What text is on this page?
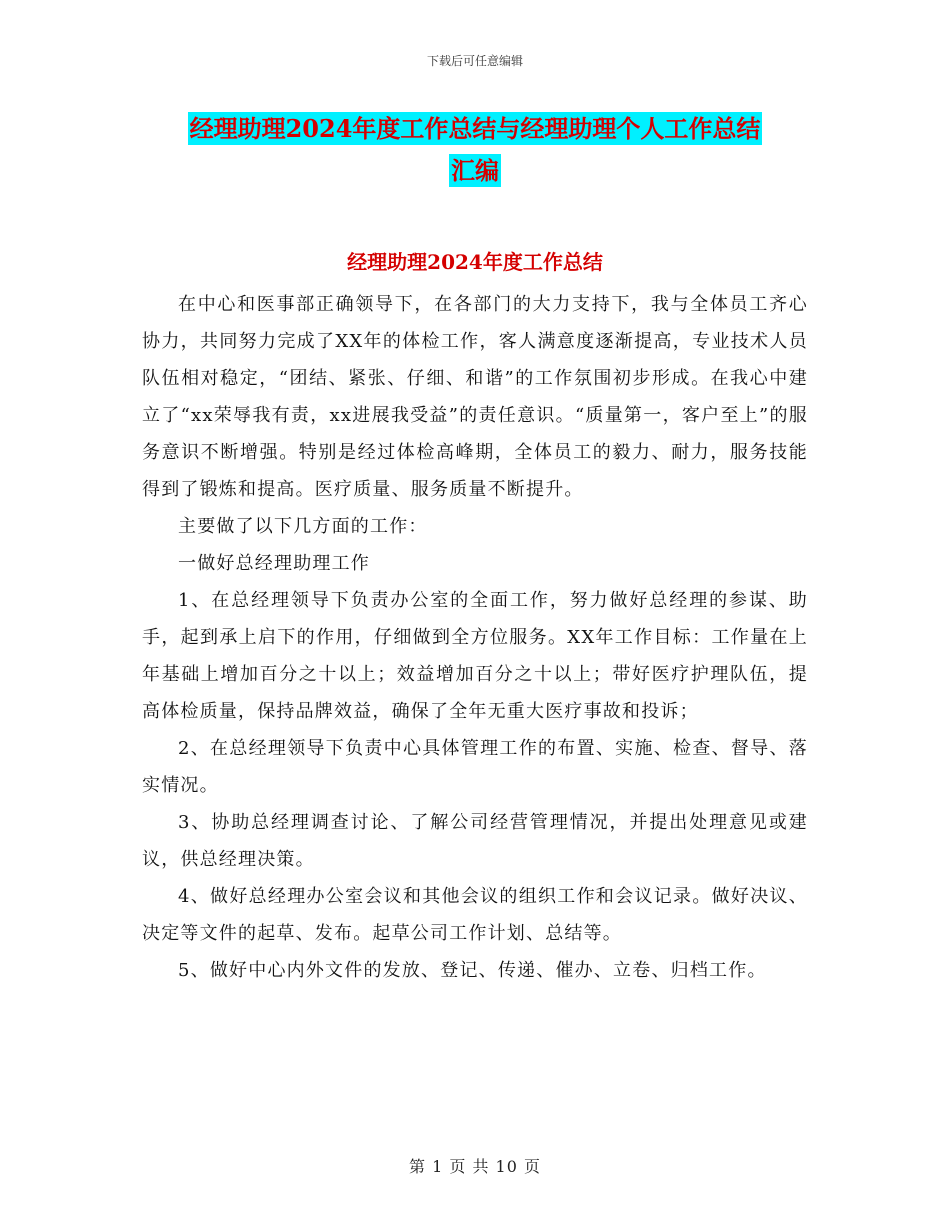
下载后可任意编辑
经理助理2024年度工作总结与经理助理个人工作总结
汇编
经理助理2024年度工作总结

在中心和医事部正确领导下，在各部门的大力支持下，我与全体员工齐心协力，共同努力完成了XX年的体检工作，客人满意度逐渐提高，专业技术人员队伍相对稳定，“团结、紧张、仔细、和谐”的工作氛围初步形成。在我心中建立了“xx荣辱我有责，xx进展我受益”的责任意识。“质量第一，客户至上”的服务意识不断增强。特别是经过体检高峰期，全体员工的毅力、耐力，服务技能得到了锻炼和提高。医疗质量、服务质量不断提升。

主要做了以下几方面的工作：

一做好总经理助理工作

1、在总经理领导下负责办公室的全面工作，努力做好总经理的参谋、助手，起到承上启下的作用，仔细做到全方位服务。XX年工作目标：工作量在上年基础上增加百分之十以上；效益增加百分之十以上；带好医疗护理队伍，提高体检质量，保持品牌效益，确保了全年无重大医疗事故和投诉；

2、在总经理领导下负责中心具体管理工作的布置、实施、检查、督导、落实情况。

3、协助总经理调查讨论、了解公司经营管理情况，并提出处理意见或建议，供总经理决策。

4、做好总经理办公室会议和其他会议的组织工作和会议记录。做好决议、决定等文件的起草、发布。起草公司工作计划、总结等。

5、做好中心内外文件的发放、登记、传递、催办、立卷、归档工作。

第 1 页 共 10 页
